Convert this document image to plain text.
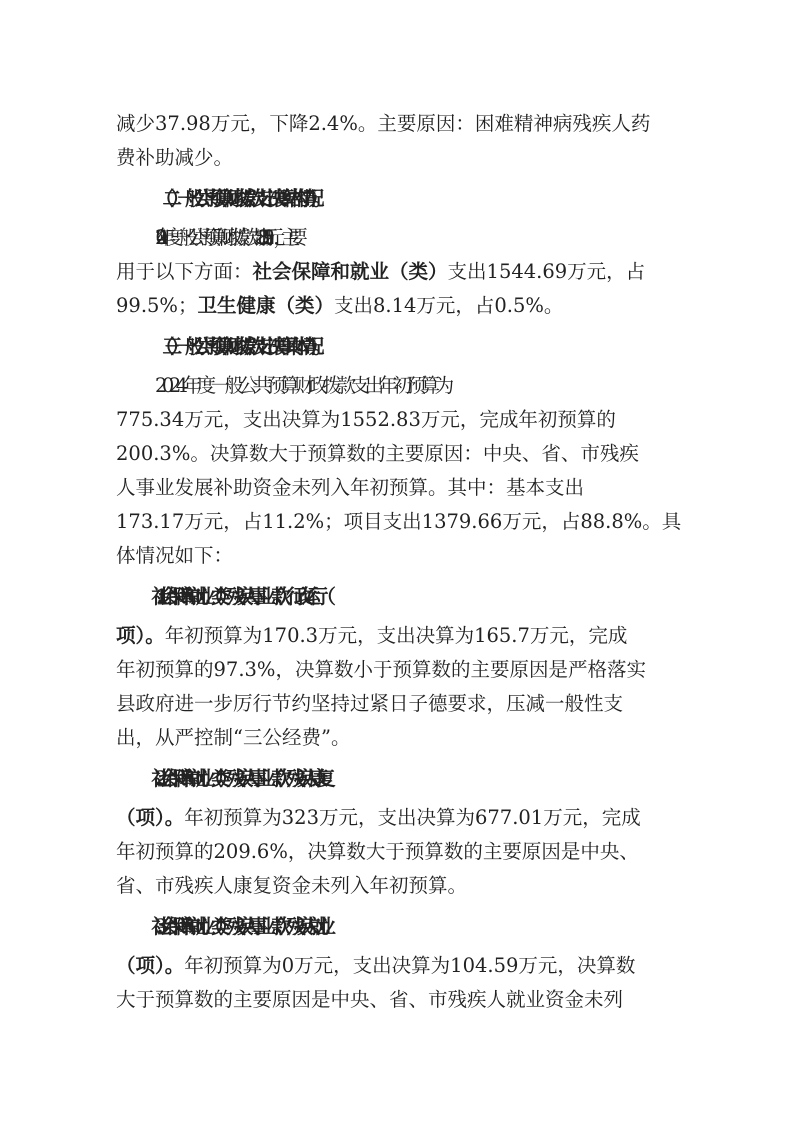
减少37.98万元，下降2.4%。主要原因：困难精神病残疾人药
费补助减少。
（二）一般公共预算财政拨款支出决算结构情况。
2024年度一般公共预算财政拨款支出1552.83万元，主要
用于以下方面：社会保障和就业（类）支出1544.69万元，占
99.5%；卫生健康（类）支出8.14万元，占0.5%。
（三）一般公共预算财政拨款支出决算具体情况。
2024年度一般公共预算财政拨款支出年初预算为
775.34万元，支出决算为1552.83万元，完成年初预算的
200.3%。决算数大于预算数的主要原因：中央、省、市残疾
人事业发展补助资金未列入年初预算。其中：基本支出
173.17万元，占11.2%；项目支出1379.66万元，占88.8%。具
体情况如下：
1.社会保障和就业（类）残疾人事业（款）行政运行（
项）。年初预算为170.3万元，支出决算为165.7万元，完成
年初预算的97.3%，决算数小于预算数的主要原因是严格落实
县政府进一步厉行节约坚持过紧日子德要求，压减一般性支
出，从严控制“三公经费”。
2.社会保障和就业（类）残疾人事业（款）残疾人康复
（项）。年初预算为323万元，支出决算为677.01万元，完成
年初预算的209.6%，决算数大于预算数的主要原因是中央、
省、市残疾人康复资金未列入年初预算。
3.社会保障和就业（类）残疾人事业（款）残疾人就业
（项）。年初预算为0万元，支出决算为104.59万元，决算数
大于预算数的主要原因是中央、省、市残疾人就业资金未列
